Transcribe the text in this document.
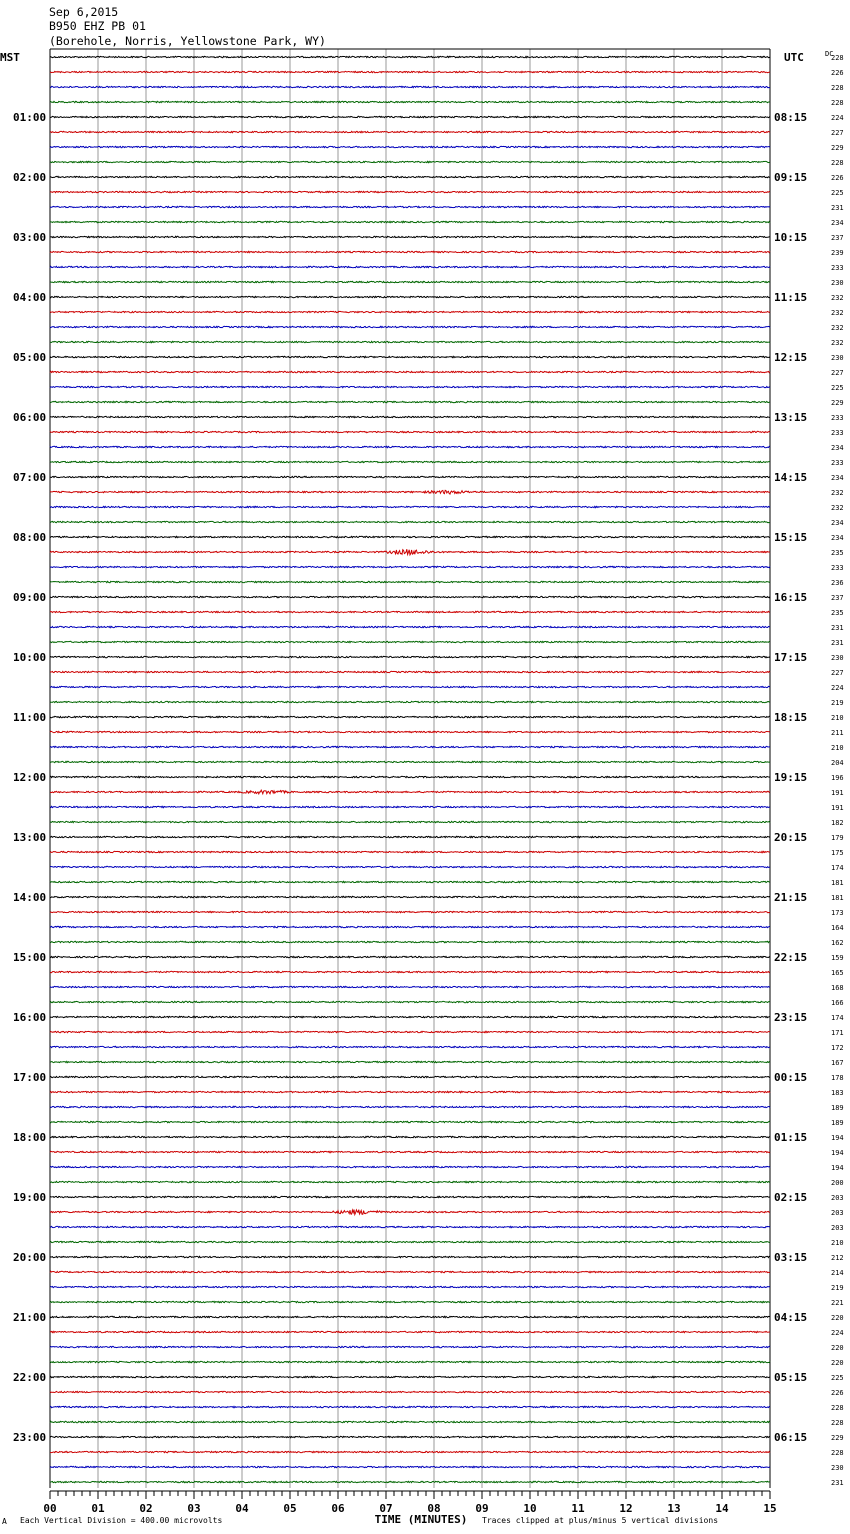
Sep 6,2015
B950 EHZ PB 01
(Borehole, Norris, Yellowstone Park, WY)
MST	UTC	DC
01:00
02:00
03:00
04:00
05:00
06:00
07:00
08:00
09:00
10:00
11:00
12:00
13:00
14:00
15:00
16:00
17:00
18:00
19:00
20:00
21:00
22:00
23:00
08:15
09:15
10:15
11:15
12:15
13:15
14:15
15:15
16:15
17:15
18:15
19:15
20:15
21:15
22:15
23:15
00:15
01:15
02:15
03:15
04:15
05:15
06:15
228
226
228
228
224
227
229
228
226
225
231
234
237
239
233
230
232
232
232
232
230
227
225
229
233
233
234
233
234
232
232
234
234
235
233
236
237
235
231
231
230
227
224
219
210
211
210
204
196
191
191
182
179
175
174
181
181
173
164
162
159
165
168
166
174
171
172
167
178
183
189
189
194
194
194
200
203
203
203
210
212
214
219
221
220
224
220
220
225
226
228
228
229
228
230
231
00	01	02	03	04	05	06	07	08	09	10	11	12	13	14	15
TIME (MINUTES)
Each Vertical Division = 400.00 microvolts	Traces clipped at plus/minus 5 vertical divisions
A
